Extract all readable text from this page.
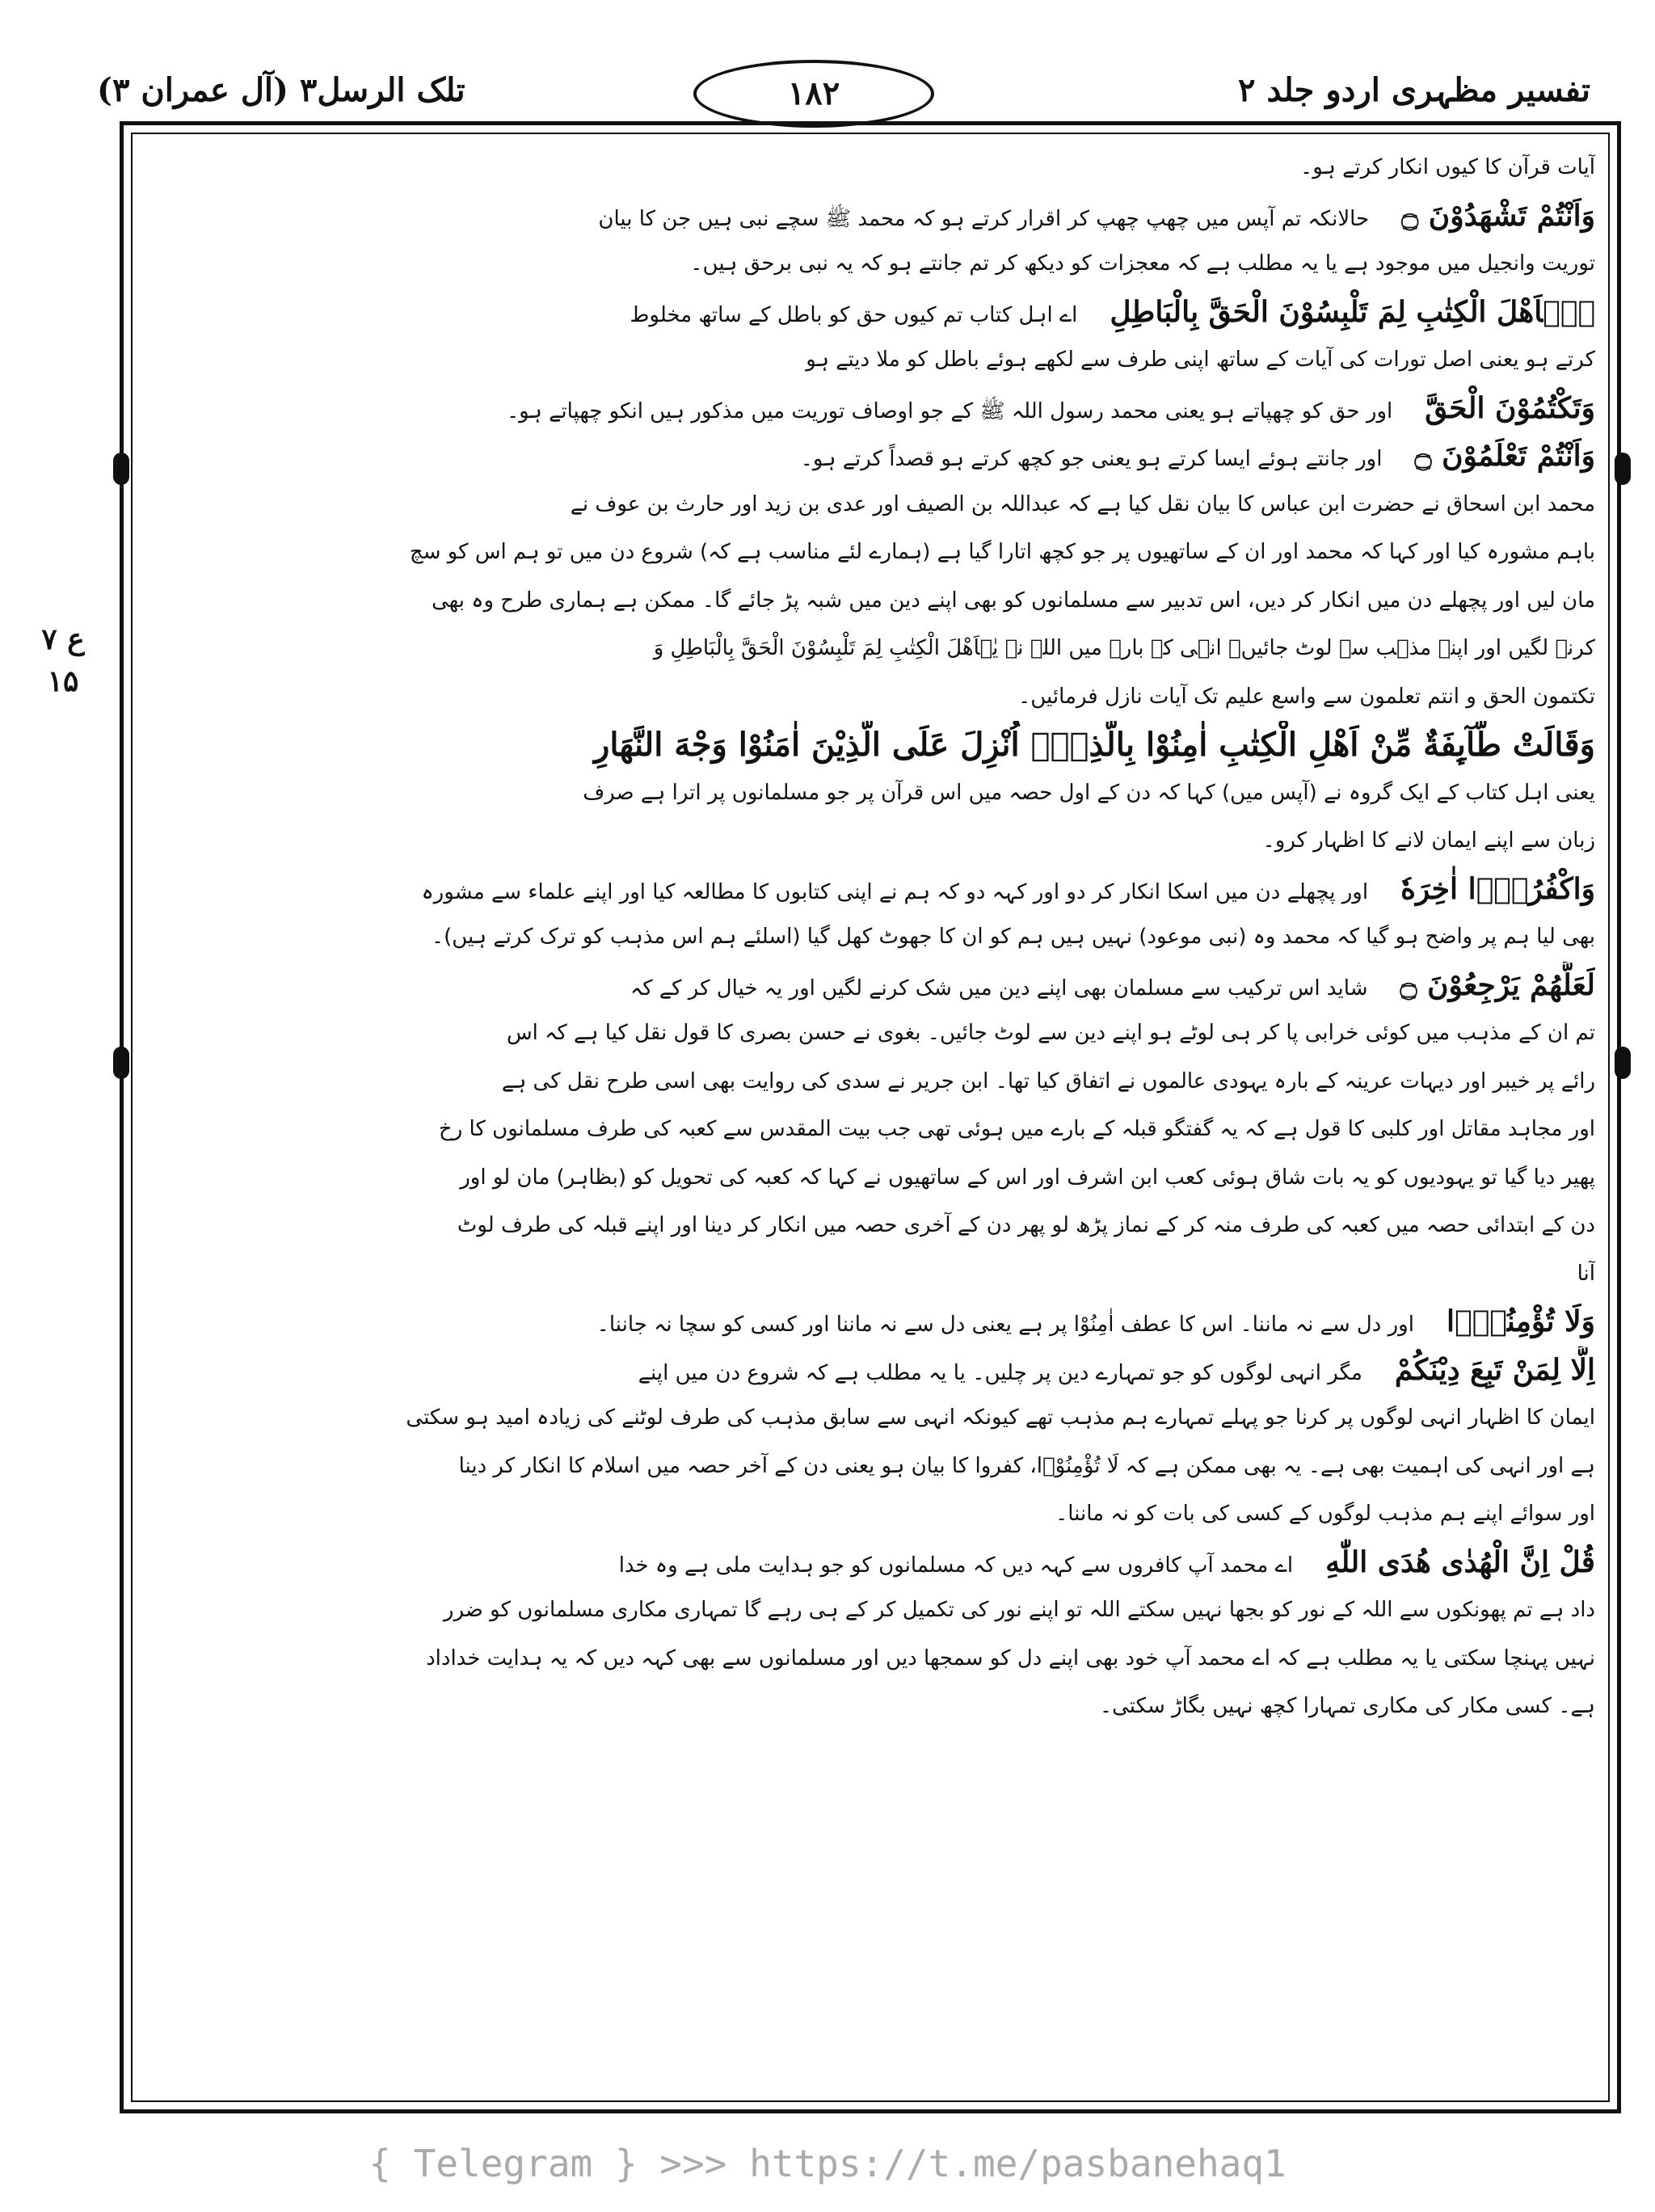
تلک الرسل۳ (آل عمران ۳)	۱۸۲	تفسیر مظہری اردو جلد ۲
ع ۷
۱۵
آیات قرآن کا کیوں انکار کرتے ہو۔
وَاَنْتُمْ تَشْهَدُوْنَ ۝
حالانکہ تم آپس میں چھپ چھپ کر اقرار کرتے ہو کہ محمد ﷺ سچے نبی ہیں جن کا بیان
توریت وانجیل میں موجود ہے یا یہ مطلب ہے کہ معجزات کو دیکھ کر تم جانتے ہو کہ یہ نبی برحق ہیں۔
يٰۤاَهْلَ الْكِتٰبِ لِمَ تَلْبِسُوْنَ الْحَقَّ بِالْبَاطِلِ
اے اہل کتاب تم کیوں حق کو باطل کے ساتھ مخلوط
کرتے ہو یعنی اصل تورات کی آیات کے ساتھ اپنی طرف سے لکھے ہوئے باطل کو ملا دیتے ہو
وَتَكْتُمُوْنَ الْحَقَّ
اور حق کو چھپاتے ہو یعنی محمد رسول اللہ ﷺ کے جو اوصاف توریت میں مذکور ہیں انکو چھپاتے ہو۔
وَاَنْتُمْ تَعْلَمُوْنَ ۝
اور جانتے ہوئے ایسا کرتے ہو یعنی جو کچھ کرتے ہو قصداً کرتے ہو۔
محمد ابن اسحاق نے حضرت ابن عباس کا بیان نقل کیا ہے کہ عبداللہ بن الصیف اور عدی بن زید اور حارث بن عوف نے
باہم مشورہ کیا اور کہا کہ محمد اور ان کے ساتھیوں پر جو کچھ اتارا گیا ہے (ہمارے لئے مناسب ہے کہ) شروع دن میں تو ہم اس کو سچ
مان لیں اور پچھلے دن میں انکار کر دیں، اس تدبیر سے مسلمانوں کو بھی اپنے دین میں شبہ پڑ جائے گا۔ ممکن ہے ہماری طرح وہ بھی
کرنے لگیں اور اپنے مذہب سے لوٹ جائیں۔ انہی کے بارے میں اللہ نے یٰۤاَهْلَ الْكِتٰبِ لِمَ تَلْبِسُوْنَ الْحَقَّ بِالْبَاطِلِ وَ
تکتمون الحق و انتم تعلمون سے واسع علیم تک آیات نازل فرمائیں۔
وَقَالَتْ طَّآىِٕفَةٌ مِّنْ اَهْلِ الْكِتٰبِ اٰمِنُوْا بِالَّذِیْۤ اُنْزِلَ عَلَى الَّذِیْنَ اٰمَنُوْا وَجْهَ النَّهَارِ
یعنی اہل کتاب کے ایک گروہ نے (آپس میں) کہا کہ دن کے اول حصہ میں اس قرآن پر جو مسلمانوں پر اترا ہے صرف
زبان سے اپنے ایمان لانے کا اظہار کرو۔
وَاكْفُرُوْۤا اٰخِرَهٗ
اور پچھلے دن میں اسکا انکار کر دو اور کہہ دو کہ ہم نے اپنی کتابوں کا مطالعہ کیا اور اپنے علماء سے مشورہ
بھی لیا ہم پر واضح ہو گیا کہ محمد وہ (نبی موعود) نہیں ہیں ہم کو ان کا جھوٹ کھل گیا (اسلئے ہم اس مذہب کو ترک کرتے ہیں)۔
لَعَلَّهُمْ یَرْجِعُوْنَ ۝
شاید اس ترکیب سے مسلمان بھی اپنے دین میں شک کرنے لگیں اور یہ خیال کر کے کہ
تم ان کے مذہب میں کوئی خرابی پا کر ہی لوٹے ہو اپنے دین سے لوٹ جائیں۔ بغوی نے حسن بصری کا قول نقل کیا ہے کہ اس
رائے پر خیبر اور دیہات عرینہ کے بارہ یہودی عالموں نے اتفاق کیا تھا۔ ابن جریر نے سدی کی روایت بھی اسی طرح نقل کی ہے
اور مجاہد مقاتل اور کلبی کا قول ہے کہ یہ گفتگو قبلہ کے بارے میں ہوئی تھی جب بیت المقدس سے کعبہ کی طرف مسلمانوں کا رخ
پھیر دیا گیا تو یہودیوں کو یہ بات شاق ہوئی کعب ابن اشرف اور اس کے ساتھیوں نے کہا کہ کعبہ کی تحویل کو (بظاہر) مان لو اور
دن کے ابتدائی حصہ میں کعبہ کی طرف منہ کر کے نماز پڑھ لو پھر دن کے آخری حصہ میں انکار کر دینا اور اپنے قبلہ کی طرف لوٹ
آنا
وَلَا تُؤْمِنُوْۤا
اور دل سے نہ ماننا۔ اس کا عطف اٰمِنُوْا پر ہے یعنی دل سے نہ ماننا اور کسی کو سچا نہ جاننا۔
اِلَّا لِمَنْ تَبِعَ دِیْنَكُمْ
مگر انہی لوگوں کو جو تمہارے دین پر چلیں۔ یا یہ مطلب ہے کہ شروع دن میں اپنے
ایمان کا اظہار انہی لوگوں پر کرنا جو پہلے تمہارے ہم مذہب تھے کیونکہ انہی سے سابق مذہب کی طرف لوٹنے کی زیادہ امید ہو سکتی
ہے اور انہی کی اہمیت بھی ہے۔ یہ بھی ممکن ہے کہ لَا تُؤْمِنُوْۤا، کفروا کا بیان ہو یعنی دن کے آخر حصہ میں اسلام کا انکار کر دینا
اور سوائے اپنے ہم مذہب لوگوں کے کسی کی بات کو نہ ماننا۔
قُلْ اِنَّ الْهُدٰى هُدَى اللّٰهِ
اے محمد آپ کافروں سے کہہ دیں کہ مسلمانوں کو جو ہدایت ملی ہے وہ خدا
داد ہے تم پھونکوں سے اللہ کے نور کو بجھا نہیں سکتے اللہ تو اپنے نور کی تکمیل کر کے ہی رہے گا تمہاری مکاری مسلمانوں کو ضرر
نہیں پہنچا سکتی یا یہ مطلب ہے کہ اے محمد آپ خود بھی اپنے دل کو سمجھا دیں اور مسلمانوں سے بھی کہہ دیں کہ یہ ہدایت خداداد
ہے۔ کسی مکار کی مکاری تمہارا کچھ نہیں بگاڑ سکتی۔
{ Telegram } >>> https://t.me/pasbanehaq1
